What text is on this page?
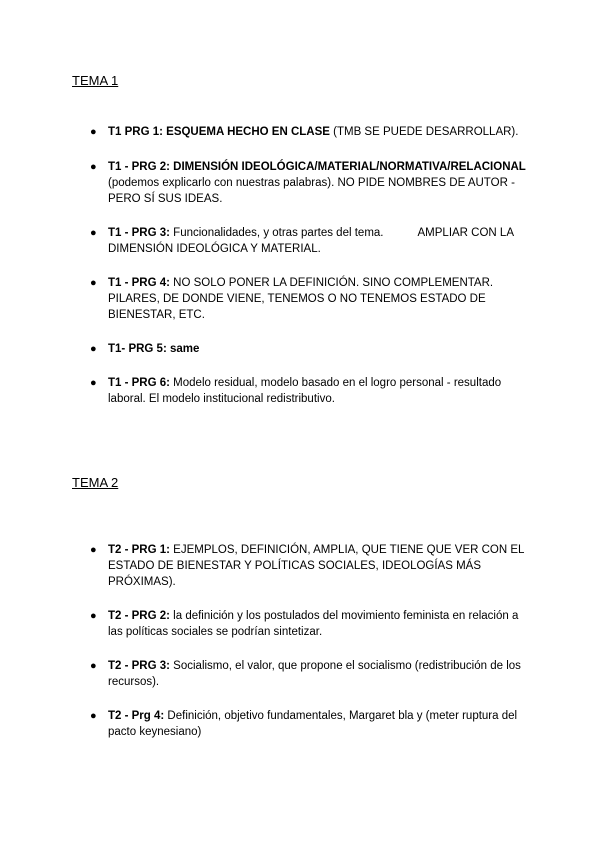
TEMA 1
● T1 PRG 1: ESQUEMA HECHO EN CLASE (TMB SE PUEDE DESARROLLAR).
● T1 - PRG 2: DIMENSIÓN IDEOLÓGICA/MATERIAL/NORMATIVA/RELACIONAL (podemos explicarlo con nuestras palabras). NO PIDE NOMBRES DE AUTOR - PERO SÍ SUS IDEAS.
● T1 - PRG 3: Funcionalidades, y otras partes del tema.	AMPLIAR CON LA DIMENSIÓN IDEOLÓGICA Y MATERIAL.
● T1 - PRG 4: NO SOLO PONER LA DEFINICIÓN. SINO COMPLEMENTAR. PILARES, DE DONDE VIENE, TENEMOS O NO TENEMOS ESTADO DE BIENESTAR, ETC.
● T1- PRG 5: same
● T1 - PRG 6: Modelo residual, modelo basado en el logro personal - resultado laboral. El modelo institucional redistributivo.
TEMA 2
● T2 - PRG 1: EJEMPLOS, DEFINICIÓN, AMPLIA, QUE TIENE QUE VER CON EL ESTADO DE BIENESTAR Y POLÍTICAS SOCIALES, IDEOLOGÍAS MÁS PRÓXIMAS).
● T2 - PRG 2: la definición y los postulados del movimiento feminista en relación a las políticas sociales se podrían sintetizar.
● T2 - PRG 3: Socialismo, el valor, que propone el socialismo (redistribución de los recursos).
● T2 - Prg 4: Definición, objetivo fundamentales, Margaret bla y (meter ruptura del pacto keynesiano)
